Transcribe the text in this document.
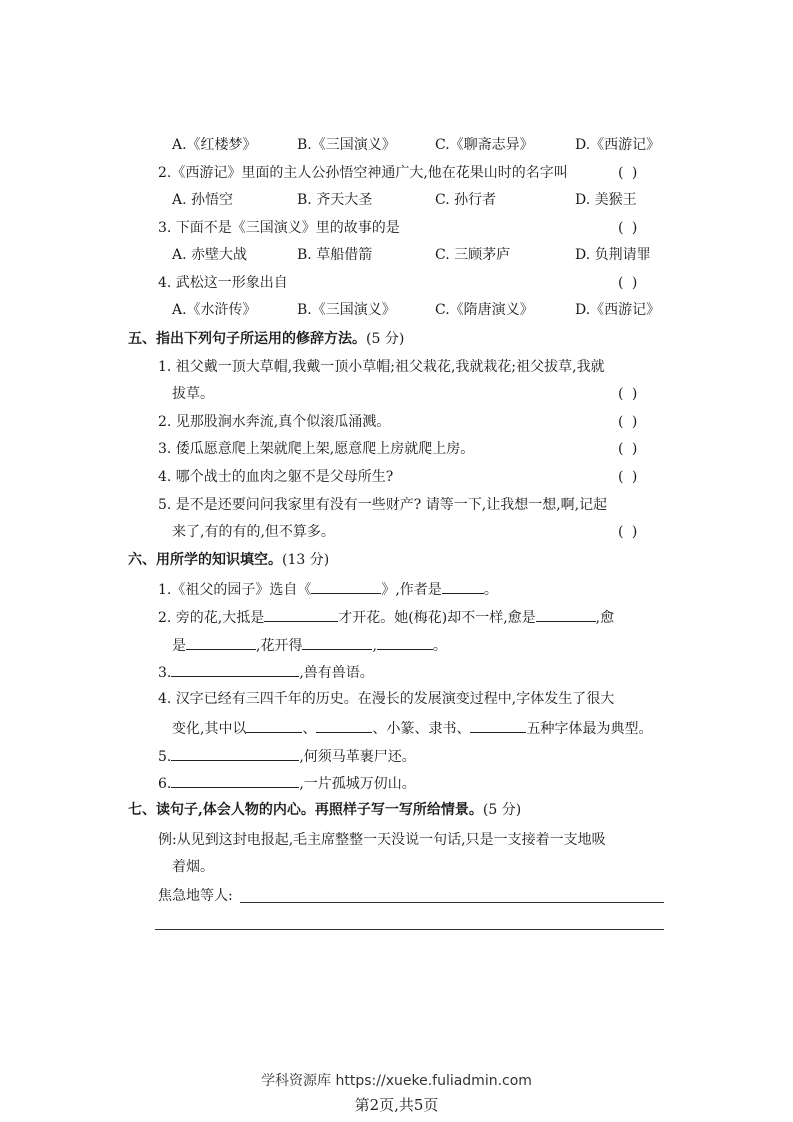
A.《红楼梦》	B.《三国演义》	C.《聊斋志异》	D.《西游记》
2.《西游记》里面的主人公孙悟空神通广大,他在花果山时的名字叫	( )
A. 孙悟空	B. 齐天大圣	C. 孙行者	D. 美猴王
3. 下面不是《三国演义》里的故事的是	( )
A. 赤壁大战	B. 草船借箭	C. 三顾茅庐	D. 负荆请罪
4. 武松这一形象出自	( )
A.《水浒传》	B.《三国演义》	C.《隋唐演义》	D.《西游记》
五、指出下列句子所运用的修辞方法。(5 分)
1. 祖父戴一顶大草帽,我戴一顶小草帽;祖父栽花,我就栽花;祖父拔草,我就
拔草。	( )
2. 见那股涧水奔流,真个似滚瓜涌溅。	( )
3. 倭瓜愿意爬上架就爬上架,愿意爬上房就爬上房。	( )
4. 哪个战士的血肉之躯不是父母所生?	( )
5. 是不是还要问问我家里有没有一些财产? 请等一下,让我想一想,啊,记起
来了,有的有的,但不算多。	( )
六、用所学的知识填空。(13 分)
1.《祖父的园子》选自《	》,作者是	。
2. 旁的花,大抵是	才开花。她(梅花)却不一样,愈是	,愈
是	,花开得	,	。
3.	,兽有兽语。
4. 汉字已经有三四千年的历史。在漫长的发展演变过程中,字体发生了很大
变化,其中以	、	、小篆、隶书、	五种字体最为典型。
5.	,何须马革裹尸还。
6.	,一片孤城万仞山。
七、读句子,体会人物的内心。再照样子写一写所给情景。(5 分)
例:从见到这封电报起,毛主席整整一天没说一句话,只是一支接着一支地吸
着烟。
焦急地等人:
学科资源库 https://xueke.fuliadmin.com
第2页,共5页
